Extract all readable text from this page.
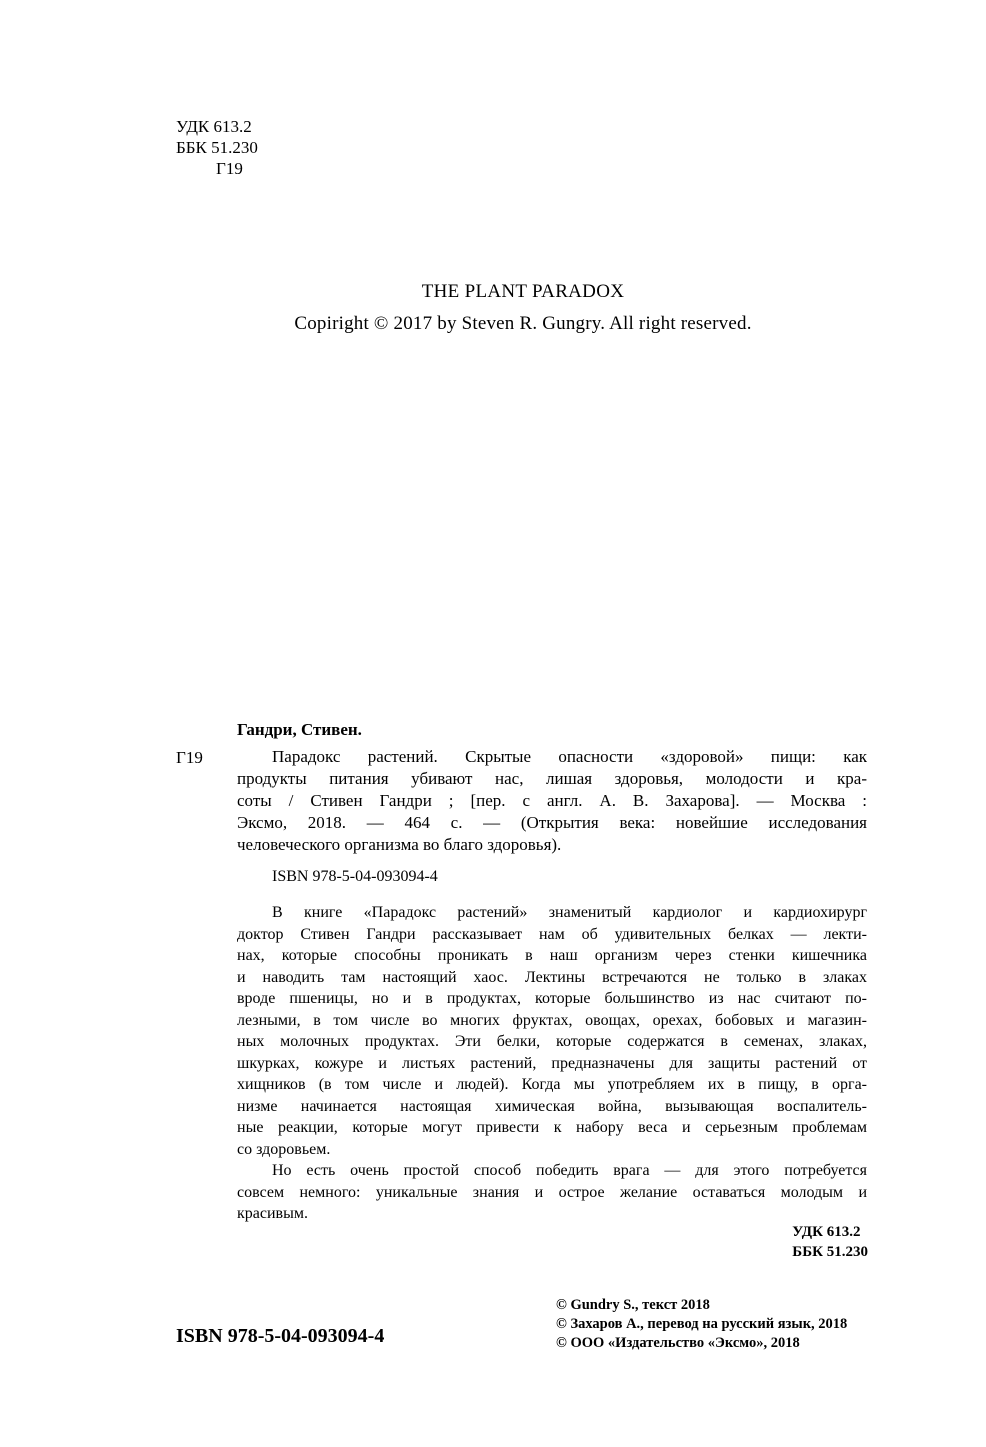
УДК 613.2
ББК 51.230
Г19
THE PLANT PARADOX
Copiright © 2017 by Steven R. Gungry. All right reserved.
Гандри, Стивен.
Г19	Парадокс растений. Скрытые опасности «здоровой» пищи: как
продукты питания убивают нас, лишая здоровья, молодости и кра-
соты / Стивен Гандри ; [пер. с англ. А. В. Захарова]. — Москва :
Эксмо, 2018. — 464 с. — (Открытия века: новейшие исследования
человеческого организма во благо здоровья).
ISBN 978-5-04-093094-4
В книге «Парадокс растений» знаменитый кардиолог и кардиохирург
доктор Стивен Гандри рассказывает нам об удивительных белках — лекти-
нах, которые способны проникать в наш организм через стенки кишечника
и наводить там настоящий хаос. Лектины встречаются не только в злаках
вроде пшеницы, но и в продуктах, которые большинство из нас считают по-
лезными, в том числе во многих фруктах, овощах, орехах, бобовых и магазин-
ных молочных продуктах. Эти белки, которые содержатся в семенах, злаках,
шкурках, кожуре и листьях растений, предназначены для защиты растений от
хищников (в том числе и людей). Когда мы употребляем их в пищу, в орга-
низме начинается настоящая химическая война, вызывающая воспалитель-
ные реакции, которые могут привести к набору веса и серьезным проблемам
со здоровьем.
Но есть очень простой способ победить врага — для этого потребуется
совсем немного: уникальные знания и острое желание оставаться молодым и
красивым.
УДК 613.2
ББК 51.230
© Gundry S., текст 2018
© Захаров А., перевод на русский язык, 2018
© ООО «Издательство «Эксмо», 2018
ISBN 978-5-04-093094-4
